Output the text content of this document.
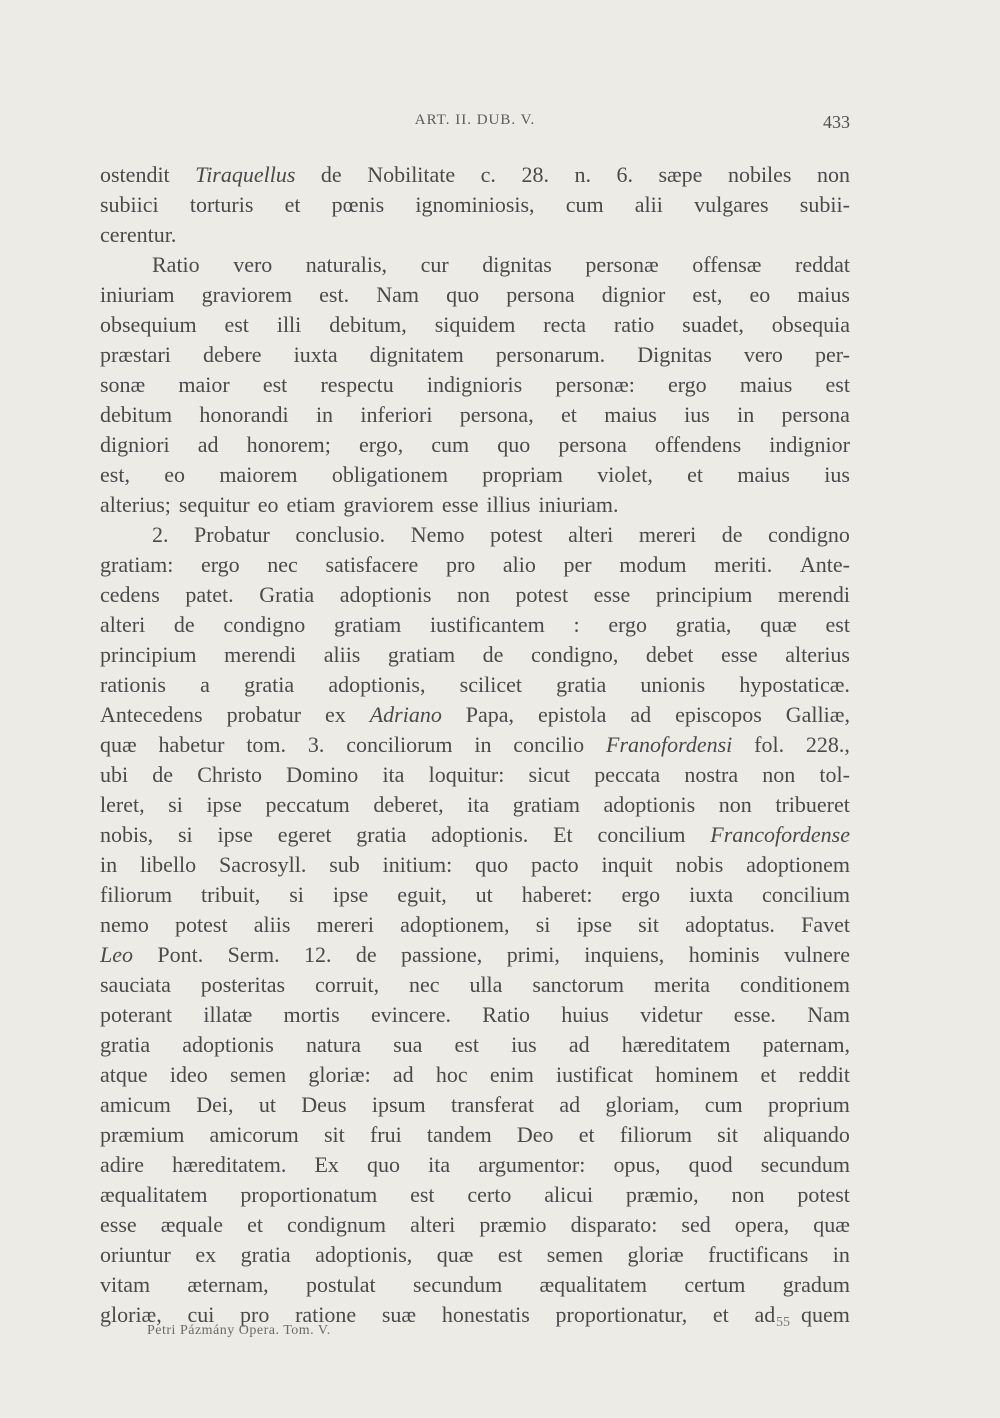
ART. II. DUB. V.	433
ostendit Tiraquellus de Nobilitate c. 28. n. 6. sæpe nobiles non
subiici torturis et pœnis ignominiosis, cum alii vulgares subii-
cerentur.
Ratio vero naturalis, cur dignitas personæ offensæ reddat
iniuriam graviorem est. Nam quo persona dignior est, eo maius
obsequium est illi debitum, siquidem recta ratio suadet, obsequia
præstari debere iuxta dignitatem personarum. Dignitas vero per-
sonæ maior est respectu indignioris personæ: ergo maius est
debitum honorandi in inferiori persona, et maius ius in persona
digniori ad honorem; ergo, cum quo persona offendens indignior
est, eo maiorem obligationem propriam violet, et maius ius
alterius; sequitur eo etiam graviorem esse illius iniuriam.
2. Probatur conclusio. Nemo potest alteri mereri de condigno
gratiam: ergo nec satisfacere pro alio per modum meriti. Ante-
cedens patet. Gratia adoptionis non potest esse principium merendi
alteri de condigno gratiam iustificantem : ergo gratia, quæ est
principium merendi aliis gratiam de condigno, debet esse alterius
rationis a gratia adoptionis, scilicet gratia unionis hypostaticæ.
Antecedens probatur ex Adriano Papa, epistola ad episcopos Galliæ,
quæ habetur tom. 3. conciliorum in concilio Franofordensi fol. 228.,
ubi de Christo Domino ita loquitur: sicut peccata nostra non tol-
leret, si ipse peccatum deberet, ita gratiam adoptionis non tribueret
nobis, si ipse egeret gratia adoptionis. Et concilium Francofordense
in libello Sacrosyll. sub initium: quo pacto inquit nobis adoptionem
filiorum tribuit, si ipse eguit, ut haberet: ergo iuxta concilium
nemo potest aliis mereri adoptionem, si ipse sit adoptatus. Favet
Leo Pont. Serm. 12. de passione, primi, inquiens, hominis vulnere
sauciata posteritas corruit, nec ulla sanctorum merita conditionem
poterant illatæ mortis evincere. Ratio huius videtur esse. Nam
gratia adoptionis natura sua est ius ad hæreditatem paternam,
atque ideo semen gloriæ: ad hoc enim iustificat hominem et reddit
amicum Dei, ut Deus ipsum transferat ad gloriam, cum proprium
præmium amicorum sit frui tandem Deo et filiorum sit aliquando
adire hæreditatem. Ex quo ita argumentor: opus, quod secundum
æqualitatem proportionatum est certo alicui præmio, non potest
esse æquale et condignum alteri præmio disparato: sed opera, quæ
oriuntur ex gratia adoptionis, quæ est semen gloriæ fructificans in
vitam æternam, postulat secundum æqualitatem certum gradum
gloriæ, cui pro ratione suæ honestatis proportionatur, et ad quem
Petri Pázmány Opera. Tom. V.
55
